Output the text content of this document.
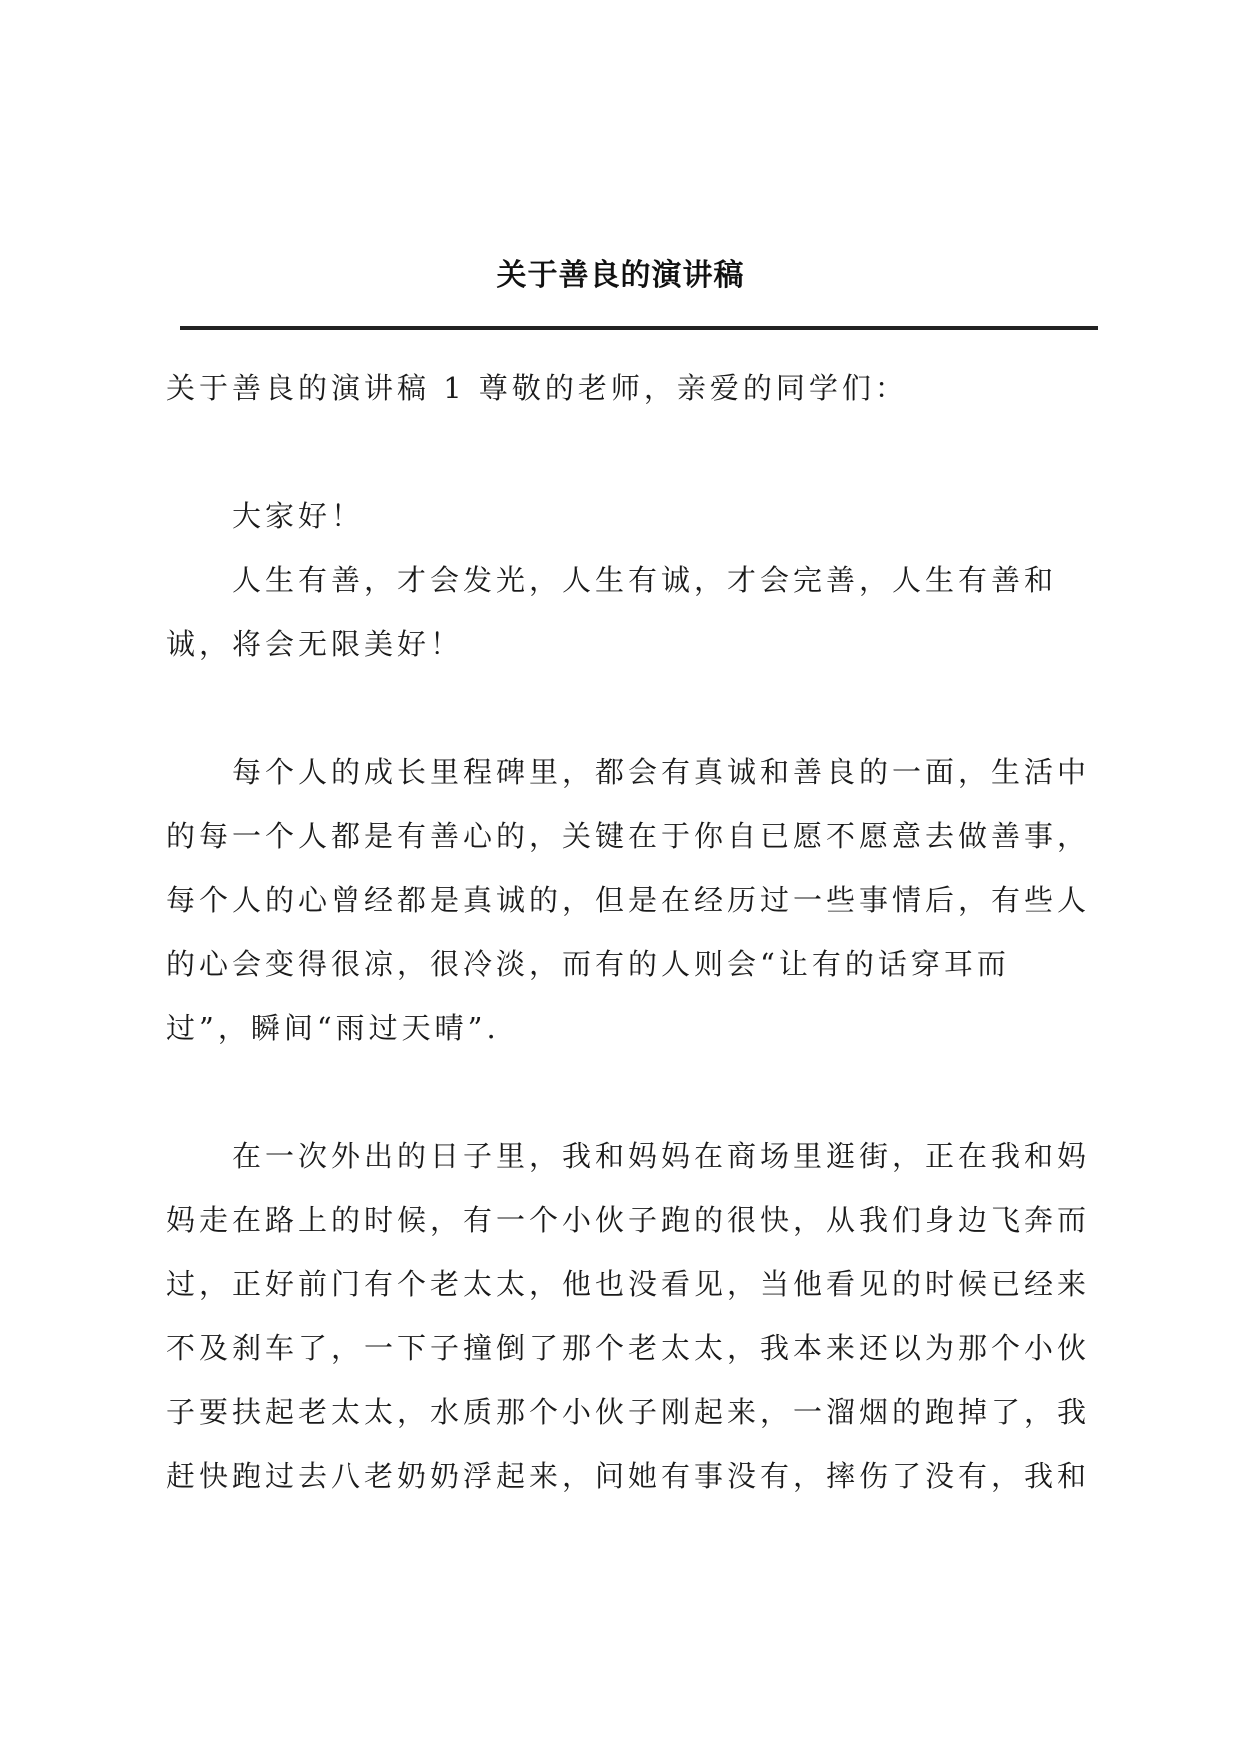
关于善良的演讲稿
关于善良的演讲稿 1 尊敬的老师，亲爱的同学们：
大家好！
人生有善，才会发光，人生有诚，才会完善，人生有善和
诚，将会无限美好！
每个人的成长里程碑里，都会有真诚和善良的一面，生活中
的每一个人都是有善心的，关键在于你自已愿不愿意去做善事，
每个人的心曾经都是真诚的，但是在经历过一些事情后，有些人
的心会变得很凉，很冷淡，而有的人则会“让有的话穿耳而
过”，瞬间“雨过天晴”.
在一次外出的日子里，我和妈妈在商场里逛街，正在我和妈
妈走在路上的时候，有一个小伙子跑的很快，从我们身边飞奔而
过，正好前门有个老太太，他也没看见，当他看见的时候已经来
不及刹车了，一下子撞倒了那个老太太，我本来还以为那个小伙
子要扶起老太太，水质那个小伙子刚起来，一溜烟的跑掉了，我
赶快跑过去八老奶奶浮起来，问她有事没有，摔伤了没有，我和
